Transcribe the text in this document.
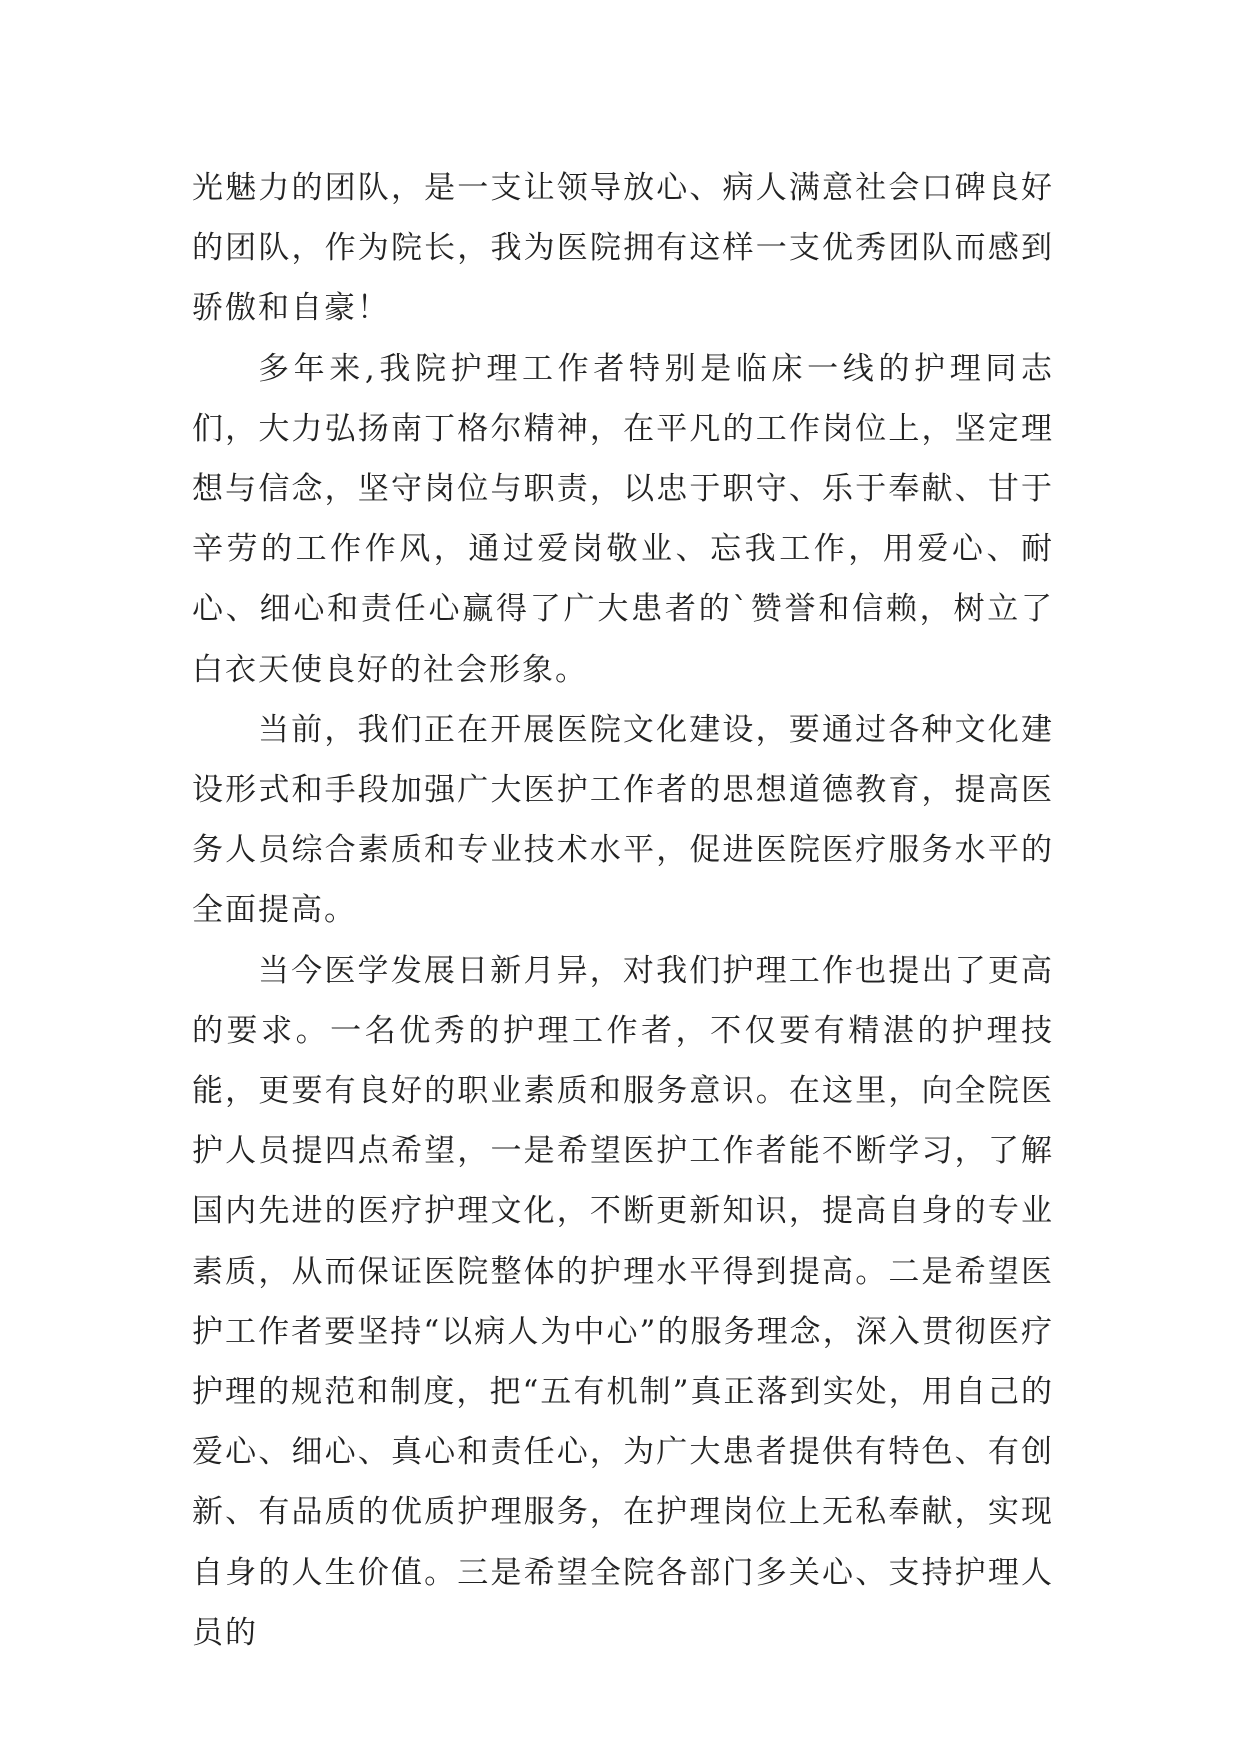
光魅力的团队，是一支让领导放心、病人满意社会口碑良好的团队，作为院长，我为医院拥有这样一支优秀团队而感到骄傲和自豪！

多年来,我院护理工作者特别是临床一线的护理同志们，大力弘扬南丁格尔精神，在平凡的工作岗位上，坚定理想与信念，坚守岗位与职责，以忠于职守、乐于奉献、甘于辛劳的工作作风，通过爱岗敬业、忘我工作，用爱心、耐心、细心和责任心赢得了广大患者的`赞誉和信赖，树立了白衣天使良好的社会形象。

当前，我们正在开展医院文化建设，要通过各种文化建设形式和手段加强广大医护工作者的思想道德教育，提高医务人员综合素质和专业技术水平，促进医院医疗服务水平的全面提高。

当今医学发展日新月异，对我们护理工作也提出了更高的要求。一名优秀的护理工作者，不仅要有精湛的护理技能，更要有良好的职业素质和服务意识。在这里，向全院医护人员提四点希望，一是希望医护工作者能不断学习，了解国内先进的医疗护理文化，不断更新知识，提高自身的专业素质，从而保证医院整体的护理水平得到提高。二是希望医护工作者要坚持“以病人为中心”的服务理念，深入贯彻医疗护理的规范和制度，把“五有机制”真正落到实处，用自己的爱心、细心、真心和责任心，为广大患者提供有特色、有创新、有品质的优质护理服务，在护理岗位上无私奉献，实现自身的人生价值。三是希望全院各部门多关心、支持护理人员的
